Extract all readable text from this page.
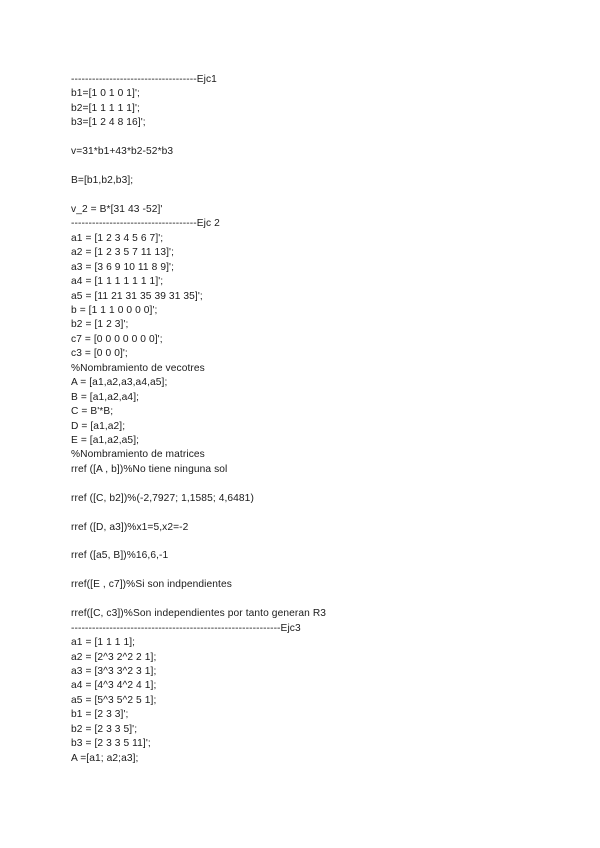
------------------------------------Ejc1
b1=[1 0 1 0 1]';
b2=[1 1 1 1 1]';
b3=[1 2 4 8 16]';
v=31*b1+43*b2-52*b3
B=[b1,b2,b3];
v_2 = B*[31 43 -52]'
------------------------------------Ejc 2
a1 = [1 2 3 4 5 6 7]';
a2 = [1 2 3 5 7 11 13]';
a3 = [3 6 9 10 11 8 9]';
a4 = [1 1 1 1 1 1 1]';
a5 = [11 21 31 35 39 31 35]';
b = [1 1 1 0 0 0 0]';
b2 = [1 2 3]';
c7 = [0 0 0 0 0 0 0]';
c3 = [0 0 0]';
%Nombramiento de vecotres
A = [a1,a2,a3,a4,a5];
B = [a1,a2,a4];
C = B'*B;
D = [a1,a2];
E = [a1,a2,a5];
%Nombramiento de matrices
rref ([A , b])%No tiene ninguna sol
rref ([C, b2])%(-2,7927; 1,1585; 4,6481)
rref ([D, a3])%x1=5,x2=-2
rref ([a5, B])%16,6,-1
rref([E , c7])%Si son indpendientes
rref([C, c3])%Son independientes por tanto generan R3
------------------------------------------------------------Ejc3
a1 = [1 1 1 1];
a2 = [2^3 2^2 2 1];
a3 = [3^3 3^2 3 1];
a4 = [4^3 4^2 4 1];
a5 = [5^3 5^2 5 1];
b1 = [2 3 3]';
b2 = [2 3 3 5]';
b3 = [2 3 3 5 11]';
A =[a1; a2;a3];
